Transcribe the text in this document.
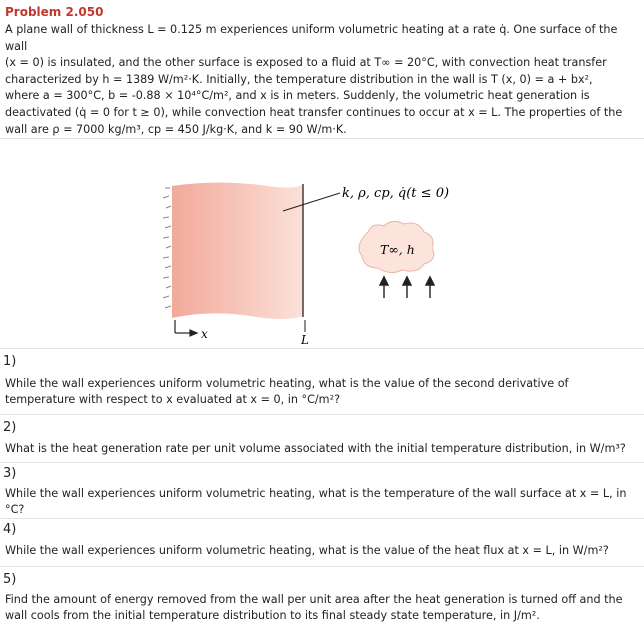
Problem 2.050
A plane wall of thickness L = 0.125 m experiences uniform volumetric heating at a rate q̇. One surface of the wall
(x = 0) is insulated, and the other surface is exposed to a fluid at T∞ = 20°C, with convection heat transfer
characterized by h = 1389 W/m²·K. Initially, the temperature distribution in the wall is T (x, 0) = a + bx²,
where a = 300°C, b = -0.88 × 10⁴°C/m², and x is in meters. Suddenly, the volumetric heat generation is
deactivated (q̇ = 0 for t ≥ 0), while convection heat transfer continues to occur at x = L. The properties of the
wall are ρ = 7000 kg/m³, cp = 450 J/kg·K, and k = 90 W/m·K.
k, ρ, cp, q̇(t ≤ 0)
T∞, h
x	L
1)
While the wall experiences uniform volumetric heating, what is the value of the second derivative of temperature with respect to x evaluated at x = 0, in °C/m²?
2)
What is the heat generation rate per unit volume associated with the initial temperature distribution, in W/m³?
3)
While the wall experiences uniform volumetric heating, what is the temperature of the wall surface at x = L, in °C?
4)
While the wall experiences uniform volumetric heating, what is the value of the heat flux at x = L, in W/m²?
5)
Find the amount of energy removed from the wall per unit area after the heat generation is turned off and the wall cools from the initial temperature distribution to its final steady state temperature, in J/m².
